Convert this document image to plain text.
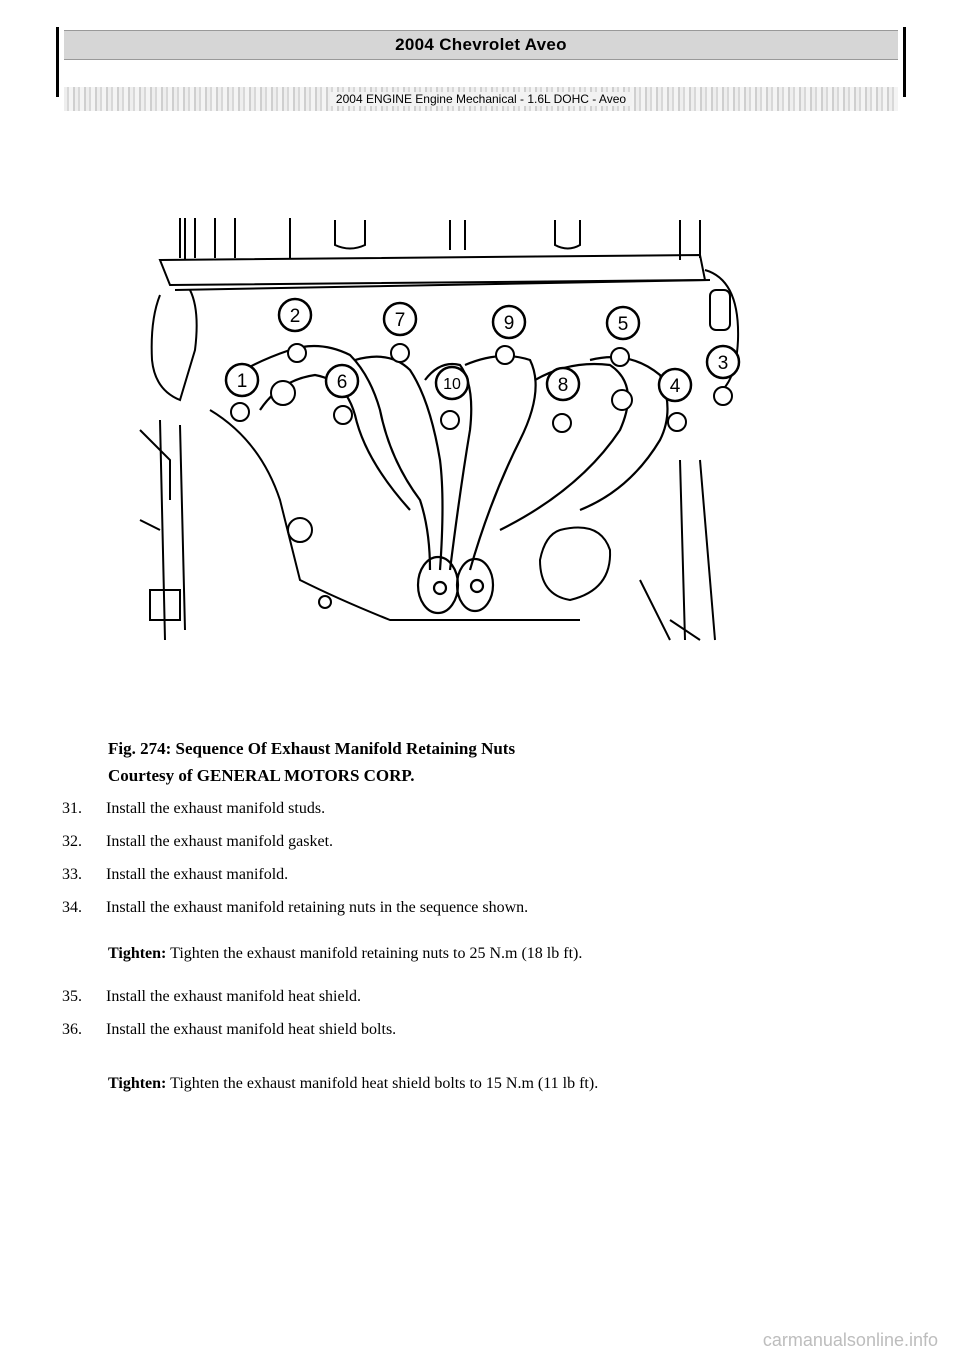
2004 Chevrolet Aveo
2004 ENGINE Engine Mechanical - 1.6L DOHC - Aveo
1
2
3
4
5
6
7
8
9
10
Fig. 274: Sequence Of Exhaust Manifold Retaining Nuts
Courtesy of GENERAL MOTORS CORP.
31. Install the exhaust manifold studs.
32. Install the exhaust manifold gasket.
33. Install the exhaust manifold.
34. Install the exhaust manifold retaining nuts in the sequence shown.
35. Install the exhaust manifold heat shield.
36. Install the exhaust manifold heat shield bolts.
Tighten: Tighten the exhaust manifold retaining nuts to 25 N.m (18 lb ft).
Tighten: Tighten the exhaust manifold heat shield bolts to 15 N.m (11 lb ft).
carmanualsonline.info
